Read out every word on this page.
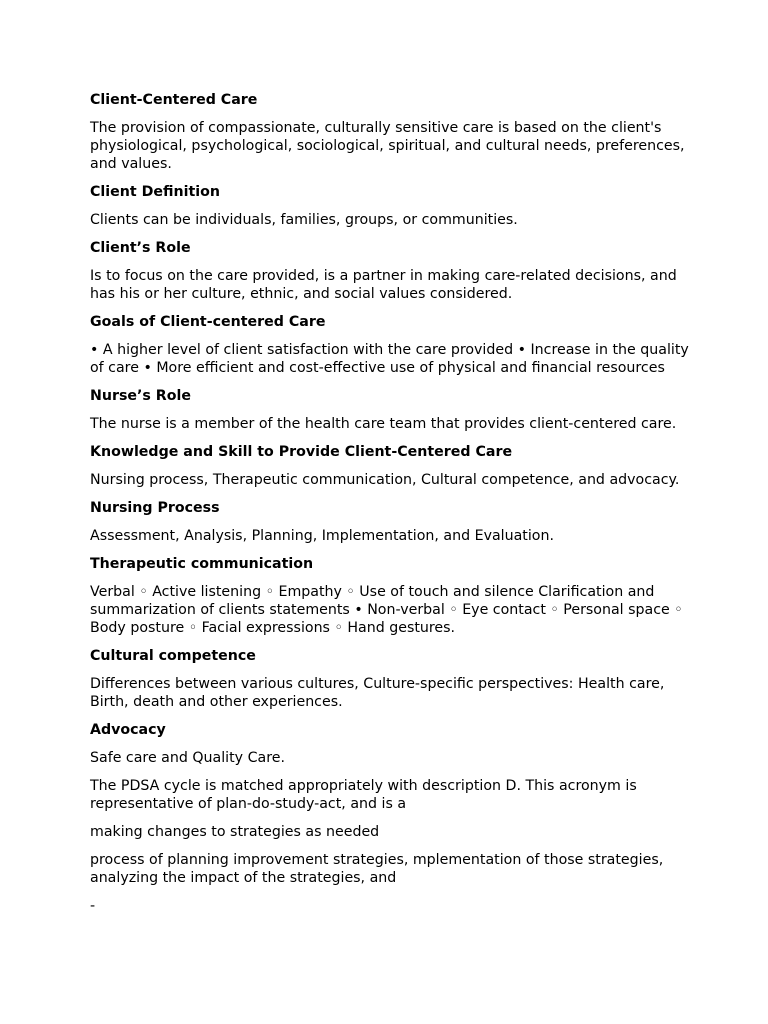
Client-Centered Care
The provision of compassionate, culturally sensitive care is based on the client's physiological, psychological, sociological, spiritual, and cultural needs, preferences, and values.
Client Definition
Clients can be individuals, families, groups, or communities.
Client’s Role
Is to focus on the care provided, is a partner in making care-related decisions, and has his or her culture, ethnic, and social values considered.
Goals of Client-centered Care
• A higher level of client satisfaction with the care provided • Increase in the quality of care • More efficient and cost-effective use of physical and financial resources
Nurse’s Role
The nurse is a member of the health care team that provides client-centered care.
Knowledge and Skill to Provide Client-Centered Care
Nursing process, Therapeutic communication, Cultural competence, and advocacy.
Nursing Process
Assessment, Analysis, Planning, Implementation, and Evaluation.
Therapeutic communication
Verbal ◦ Active listening ◦ Empathy ◦ Use of touch and silence Clarification and summarization of clients statements • Non-verbal ◦ Eye contact ◦ Personal space ◦ Body posture ◦ Facial expressions ◦ Hand gestures.
Cultural competence
Differences between various cultures, Culture-specific perspectives: Health care, Birth, death and other experiences.
Advocacy
Safe care and Quality Care.
The PDSA cycle is matched appropriately with description D. This acronym is representative of plan-do-study-act, and is a
making changes to strategies as needed
process of planning improvement strategies, mplementation of those strategies, analyzing the impact of the strategies, and
-
